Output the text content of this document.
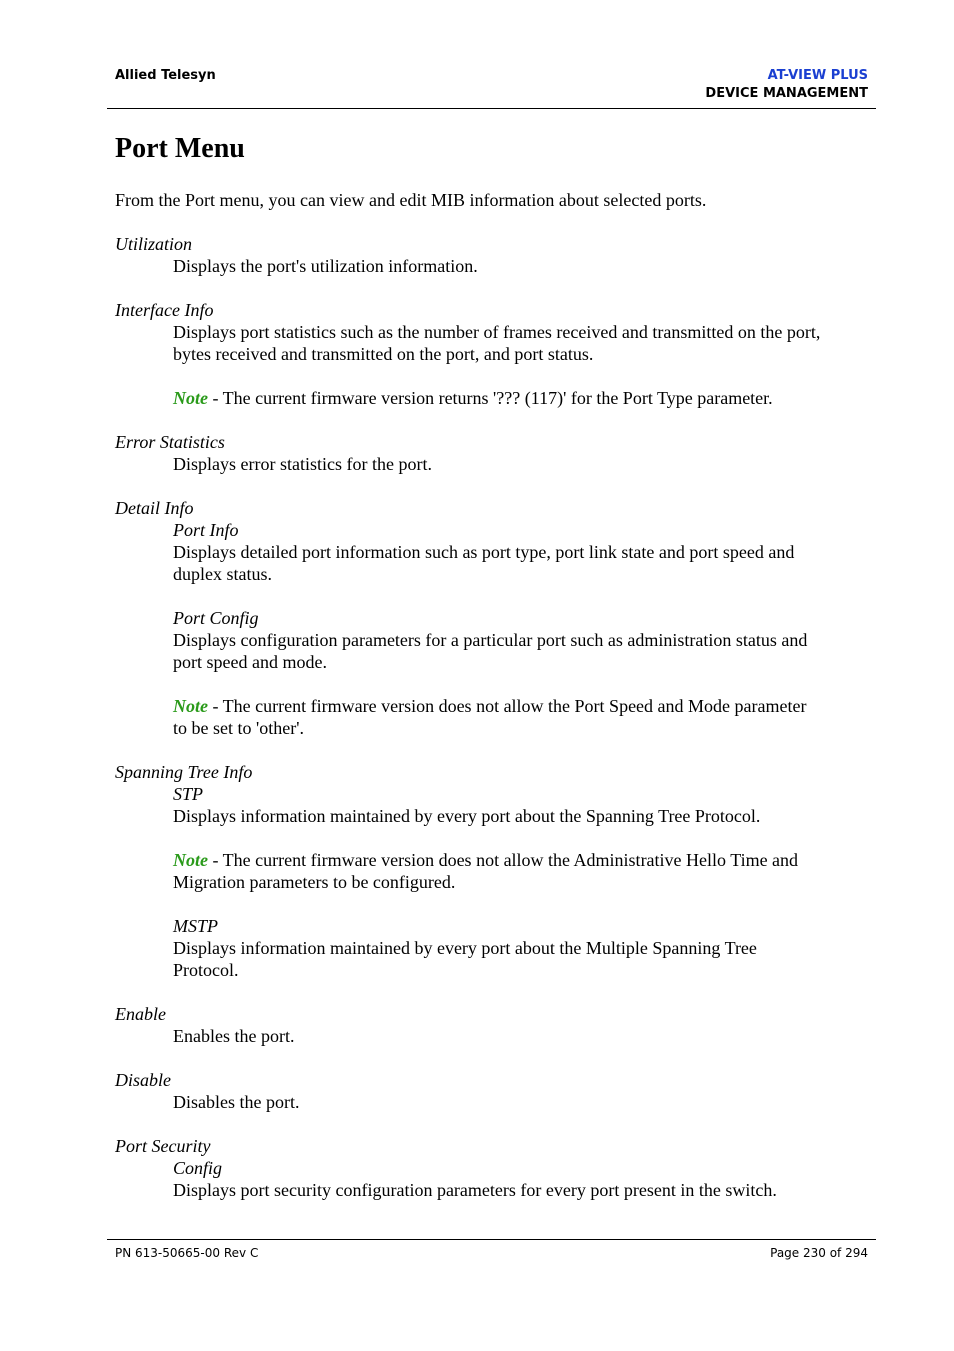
Allied Telesyn	AT-VIEW PLUS
DEVICE MANAGEMENT
Port Menu

From the Port menu, you can view and edit MIB information about selected ports.

Utilization

Displays the port's utilization information.

Interface Info

Displays port statistics such as the number of frames received and transmitted on the port,

bytes received and transmitted on the port, and port status.

Note - The current firmware version returns '??? (117)' for the Port Type parameter.

Error Statistics

Displays error statistics for the port.

Detail Info

Port Info

Displays detailed port information such as port type, port link state and port speed and

duplex status.

Port Config

Displays configuration parameters for a particular port such as administration status and

port speed and mode.

Note - The current firmware version does not allow the Port Speed and Mode parameter

to be set to 'other'.

Spanning Tree Info

STP

Displays information maintained by every port about the Spanning Tree Protocol.

Note - The current firmware version does not allow the Administrative Hello Time and

Migration parameters to be configured.

MSTP

Displays information maintained by every port about the Multiple Spanning Tree

Protocol.

Enable

Enables the port.

Disable

Disables the port.

Port Security

Config

Displays port security configuration parameters for every port present in the switch.

PN 613-50665-00 Rev C	Page 230 of 294
